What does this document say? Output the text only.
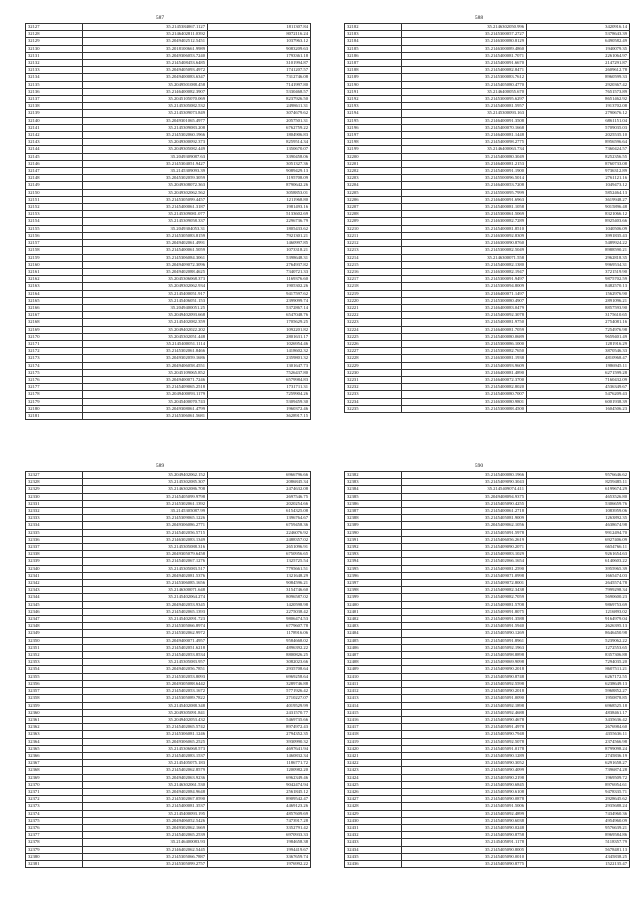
587
32127	35.2145384067.1127	1811307.84
32128	35.2146402811.0392	8072116.24
32129	35.2049402512.5451	1037963.12
32130	35.2018100661.9989	9083209.63
32131	35.2049306053.7240	1793361.18
32132	35.2145408453.6485	3101994.87
32133	35.2049405093.4972	1741207.57
32134	35.2049400083.6347	7312746.08
32135	35.2049501088.458	7141997.80
32136	35.2146400082.3907	5330468.57
32137	35.2045105070.069	8237926.50
32138	35.2145305082.532	2498611.31
32139	35.2145309073.849	3074679.62
32140	35.2049301065.4977	2057501.31
32141	35.2145309083.208	6762759.22
32142	35.2145302060.1966	1804906.83
32143	35.2049300092.373	8259514.34
32144	35.2049305082.449	1350670.07
32145	35.2049309087.63	3390458.06
32146	35.2145304051.9427	3051327.36
32147	35.2145309093.39	9089429.13
32148	35.2045302059.3059	1195708.09
32149	35.2049308072.363	8790642.26
32150	35.2049302062.562	3058853.01
32151	35.2145305099.4457	1211968.80
32152	35.2145400061.3187	1981493.16
32153	35.2145309081.077	5133602.69
32154	35.2145309058.337	2296736.79
32155	35.2049304053.31	1805433.62
32156	35.2145305083.8159	7921301.21
32157	35.2049402061.4991	1460997.85
32158	35.2145400061.5059	1073318.21
32159	35.2145306084.3061	5398648.31
32160	35.2049409072.3096	2764937.82
32161	35.2049402088.4625	7340721.33
32162	35.2045306068.373	1169376.60
32163	35.2049302062.934	1905302.26
32164	35.2145400051.917	9417597.62
32165	35.2145406051.153	2399099.74
32166	35.2049400051.25	5372867.14
32167	35.2049402093.668	6547048.76
32168	35.2145402082.359	1705629.25
32169	35.2049402022.202	1092201.82
32170	35.2045302051.448	2801631.17
32171	35.2145400051.1114	1026954.46
32172	35.2145302061.8466	1418602.32
32173	35.2049302059.1686	2359801.32
32174	35.2049406058.4551	1301647.73
32175	35.2045109065.852	7526437.80
32176	35.2049400071.7246	6579984.83
32177	35.2145409065.2518	1731711.31
32178	35.2049400093.1179	7259904.26
32179	35.2045400070.743	5309459.30
32180	35.2049308061.4799	1960372.46
32181	35.2145306061.5681	3628917.15
588
32182	35.2146302050.996	3420916.14
32183	35.2145300057.2727	5378643.39
32184	35.2146300080.8129	6490582.49
32185	35.2146300089.4860	1940079.35
32186	35.2145400081.7071	2261064.97
32187	35.2145400091.6670	2147291.87
32188	35.2145400082.8471	2609612.78
32189	35.2145300083.7612	8960599.33
32190	35.2145405080.4770	2920367.42
32191	35.2146400055.670	7651573.89
32192	35.2145300095.6297	8651462.92
32193	35.2145400081.5957	1913702.08
32194	35.2145300093.163	2790676.12
32195	35.2146400091.3508	6861151.04
32196	35.2145400070.1668	5709035.03
32197	35.2146400081.1448	2025535.10
32198	35.2145400098.2775	8956596.64
32199	35.2146400063.734	7360424.57
32200	35.2145400080.3049	8252356.55
32201	35.2146400081.2153	8760733.08
32202	35.2145400091.1900	9736312.89
32203	35.2145500096.5014	2761121.16
32204	35.2146400053.7208	1049473.12
32205	35.2145500095.7999	5852464.13
32206	35.2146400091.6963	3619948.27
32207	35.2145400081.1058	9015896.48
32208	35.2145300061.5069	8321066.12
32209	35.2146300082.7289	8925403.66
32210	35.2145400081.8510	1040506.09
32211	35.2146300092.8309	3991835.43
32212	35.2146300090.8760	5489924.22
32213	35.2145300082.5049	8988590.21
32214	35.2146300071.558	2962818.35
32215	35.2145400082.1380	9969534.31
32216	35.2146300082.1947	3721519.90
32217	35.2145300091.9497	9875702.59
32218	35.2145300094.8009	8482570.13
32219	35.2146400071.1497	1562976.90
32220	35.2145300080.4907	2891096.21
32221	35.2146400083.0479	8857593.90
32222	35.2145400092.3078	3175610.65
32223	35.2145400081.9750	2754081.16
32224	35.2146400081.7059	7254976.98
32225	35.2145400080.0689	9659401.49
32226	35.2145300086.1000	1281916.29
32227	35.2145300082.7650	3870546.33
32228	35.2146300081.1938	4810968.47
32229	35.2145400093.9609	1986945.11
32230	35.2146400081.4890	6271599.28
32231	35.2146400072.3700	7160432.09
32232	35.2145400082.8020	4536349.67
32233	35.2145400080.7007	5476209.43
32234	35.2146300080.9801	6001938.39
32235	35.2145300088.4500	1604506.23
589
32327	35.2049402062.152	6966796.66
32328	35.2145302085.307	2086845.34
32329	35.2146302086.708	2474632.08
32330	35.2145405099.9798	2697546.75
32331	35.2145302061.1392	2020254.66
32332	35.2145305087.99	6154325.08
32333	35.2145309065.1226	1396764.67
32334	35.2049306086.2771	6759458.36
32335	35.2145402056.5715	2246076.92
32336	35.2146302083.1349	2488357.02
32337	35.2145305088.316	2651096.91
32338	35.2049305079.6458	6750956.65
32339	35.2145402067.1276	1325725.54
32340	35.2145305083.517	7795661.51
32341	35.2049402081.5376	1321648.29
32342	35.2145306085.1656	9084596.21
32343	35.2146300071.648	3154746.60
32344	35.2145402064.274	8096587.02
32345	35.2049402053.9345	1420598.98
32346	35.2145402065.1393	2275038.42
32347	35.2145402091.723	9806474.53
32348	35.2145305066.8974	6779607.78
32349	35.2145302062.9972	1178916.06
32350	35.2049400071.4957	9584668.02
32351	35.2145402051.6218	4896392.22
32352	35.2145402053.8534	8800826.25
32353	35.2145305083.957	3082023.66
32354	35.2049402056.7851	2935708.64
32355	35.2145302053.8093	6969258.64
32356	35.2049305088.6442	3289746.88
32357	35.2145402053.1672	5771926.42
32358	35.2145305089.7822	2710227.07
32359	35.2145402088.348	4019529.99
32360	35.2049305091.841	2431570.77
32361	35.2049402053.432	5469735.66
32362	35.2145402065.5742	8974972.43
32363	35.2145306081.1246	2794352.35
32364	35.2049306065.2525	3930990.32
32365	35.2145306068.573	4697641.94
32366	35.2145402083.1537	1460832.34
32367	35.2145405075.183	1186771.72
32368	35.2145402062.8579	1200982.20
32369	35.2049402063.9236	6962349.46
32370	35.2146302061.530	9042474.94
32371	35.2049402084.9648	2561845.12
32372	35.2145302067.0590	8909542.47
32373	35.2145400081.3537	4469123.26
32374	35.2145400093.195	4857609.69
32375	35.2049406052.5426	7473917.28
32376	35.2049302062.1669	3352791.42
32377	35.2145402065.2539	6970933.33
32378	35.2146400083.93	1984658.38
32379	35.2146402062.5445	1994419.67
32380	35.2145305066.7887	3367659.74
32381	35.2145305099.2757	1976992.22
590
32382	35.2145400080.1966	9576646.62
32383	35.2145409090.3043	8259485.11
32384	35.2145409074.411	6199674.29
32385	35.2049408094.9375	4653526.80
32386	35.2145405090.4255	5306659.76
32387	35.2145400061.2718	1083959.06
32388	35.2145405081.9009	1263892.35
32389	35.2045409062.1056	4638674.98
32390	35.2145405091.5978	9912494.70
32391	35.2145406056.2619	6927406.09
32392	35.2145409090.2071	6654766.11
32393	35.2145409083.1029	9261654.63
32394	35.2145402066.1654	6140603.22
32395	35.2145409081.2590	3955965.39
32396	35.2145409071.0998	1665474.03
32397	35.2145409072.8001	2645574.78
32398	35.2145409082.3438	7999298.34
32399	35.2145409082.7059	5690600.23
32400	35.2145409081.5708	9869753.69
32401	35.2145409091.8075	1216893.02
32402	35.2145409091.3588	9164979.04
32403	35.2145405091.5940	2626395.13
32404	35.2145405090.1269	8646450.98
32405	35.2145405091.8961	5239062.22
32406	35.2145405092.1963	1272553.65
32407	35.2145405098.8898	8357306.88
32408	35.2145409069.9098	7294035.20
32409	35.2145409090.2018	8607511.21
32410	35.2145405090.8748	6267172.55
32411	35.2145405092.5598	6238649.13
32412	35.2145405090.2018	5968852.27
32413	35.2145405091.0090	1950878.85
32414	35.2145405092.1898	6968525.18
32415	35.2145405092.4688	4838461.17
32416	35.2145405090.4678	3435636.42
32417	35.2145405091.4978	2676984.60
32418	35.2145405090.7948	4355636.11
32419	35.2145405092.5078	2374566.98
32420	35.2145405091.0178	8799098.24
32421	35.2145405090.1289	2745836.19
32422	35.2145405090.3052	6291658.27
32423	35.2145405090.4099	7396874.28
32424	35.2145405090.2198	1969509.72
32425	35.2145405090.6845	8976954.61
32426	35.2145405090.6108	9478335.71
32427	35.2145405090.0878	2928645.62
32428	35.2145405091.5006	2935688.24
32429	35.2145405092.4899	7434960.36
32430	35.2145405090.6038	4954960.09
32431	35.2145405090.0248	9576639.21
32432	35.2145405090.8758	8969584.86
32433	35.2145405091.1178	5118357.79
32434	35.2145405090.8005	5678481.13
32435	35.2145405090.0010	4345838.25
32436	35.2145405090.8775	1522135.47
